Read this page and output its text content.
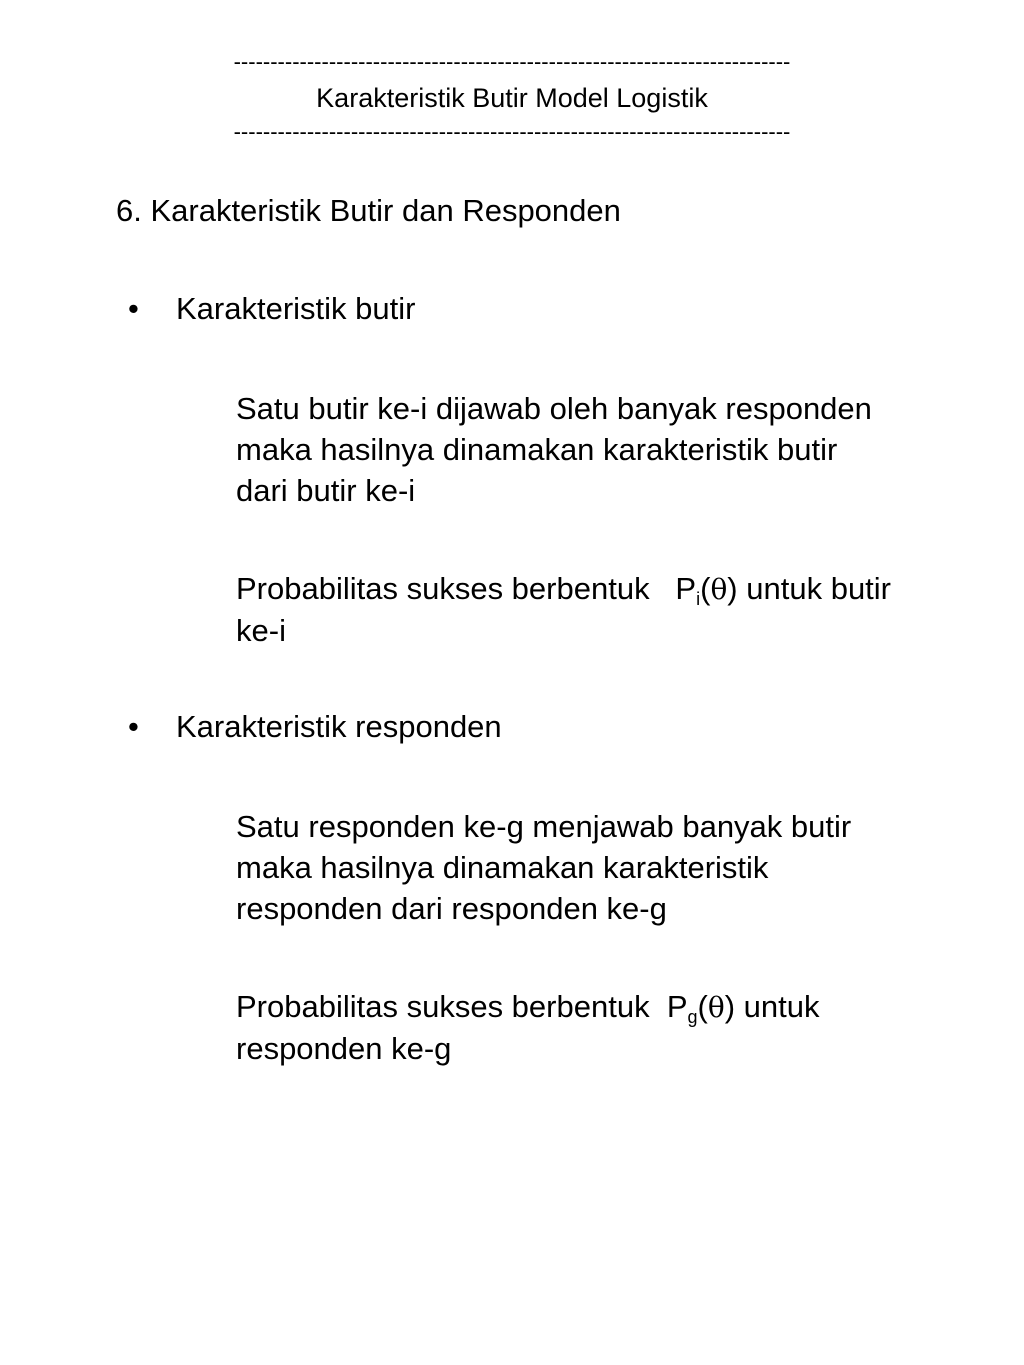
----------------------------------------------------------------------------
Karakteristik Butir Model Logistik
----------------------------------------------------------------------------
6. Karakteristik Butir dan Responden
• Karakteristik butir
Satu butir ke-i dijawab oleh banyak responden
maka hasilnya dinamakan karakteristik butir
dari butir ke-i
Probabilitas sukses berbentuk $P_i(\theta)$ untuk butir
ke-i
• Karakteristik responden
Satu responden ke-g menjawab banyak butir
maka hasilnya dinamakan karakteristik
responden dari responden ke-g
Probabilitas sukses berbentuk $P_g(\theta)$ untuk
responden ke-g
